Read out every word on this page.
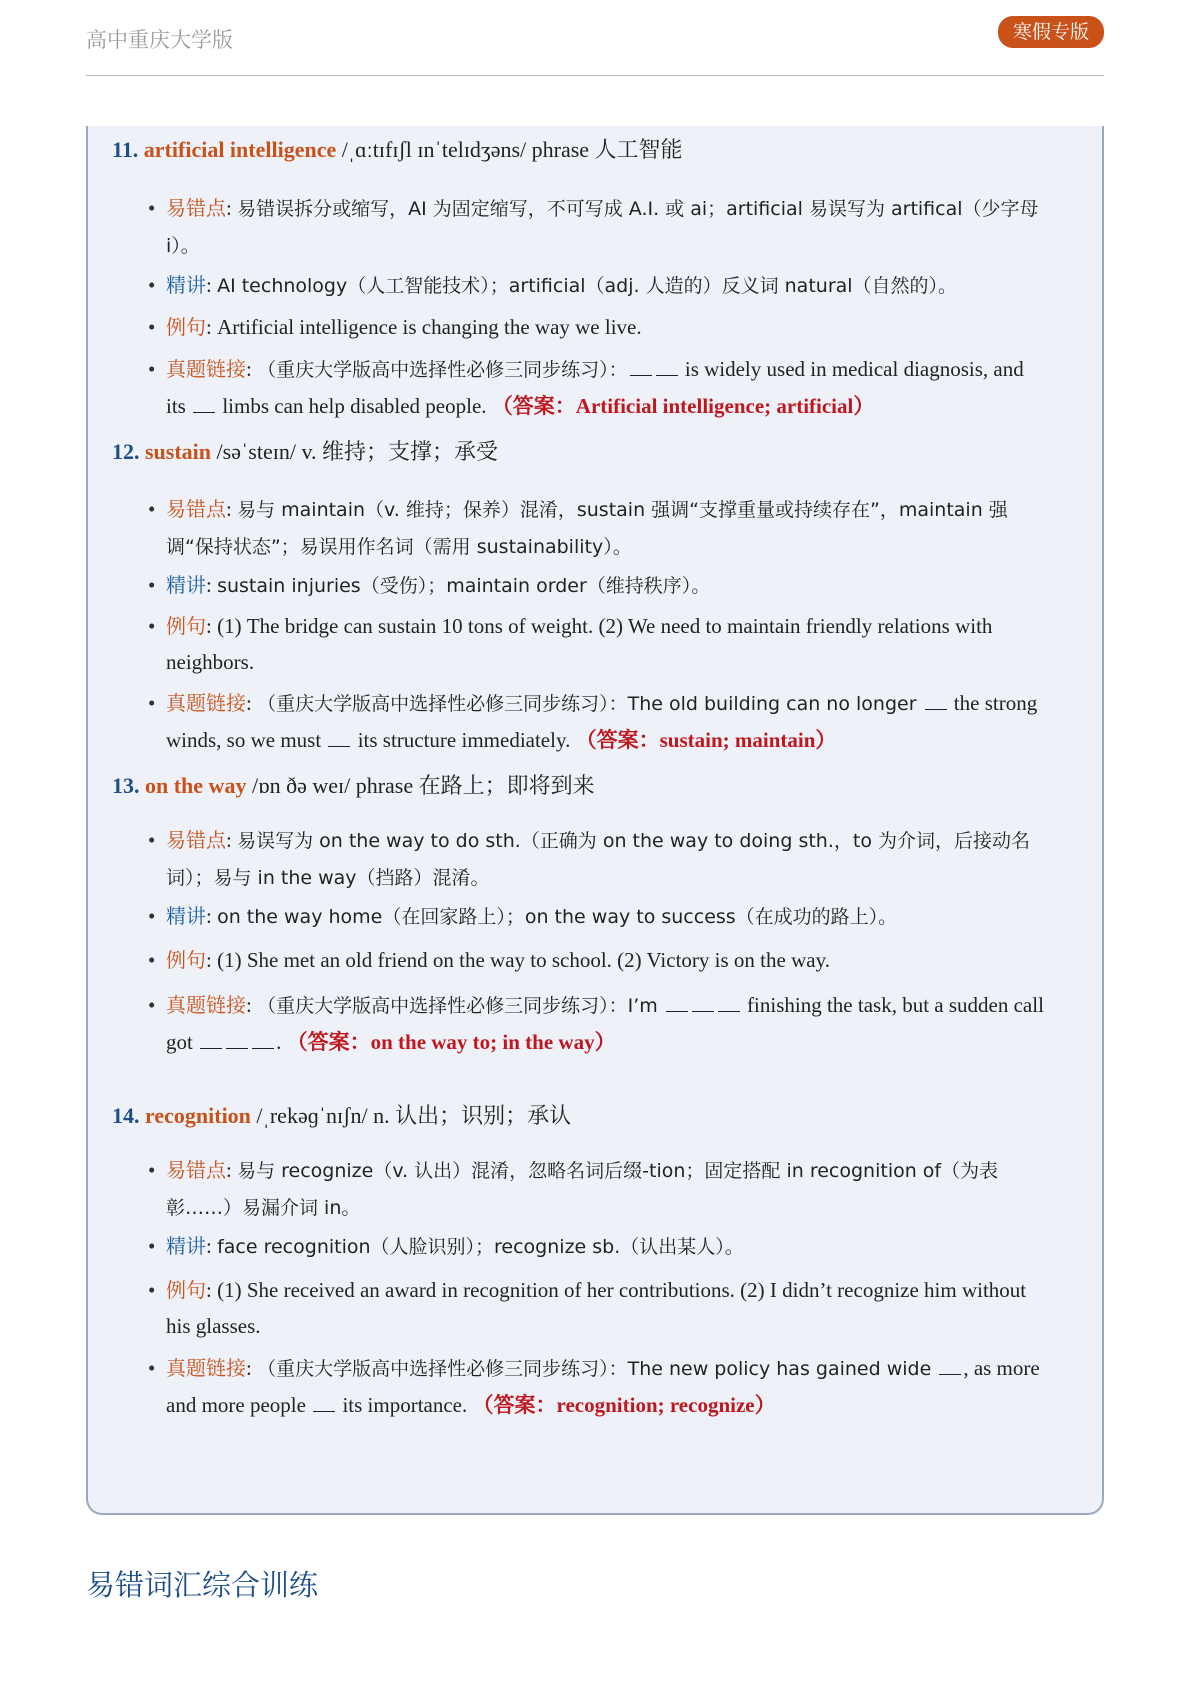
高中重庆大学版	寒假专版
11. artificial intelligence /ˌɑːtɪfɪʃl ɪnˈtelɪdʒəns/ phrase 人工智能
• 易错点: 易错误拆分或缩写，AI 为固定缩写，不可写成 A.I. 或 ai；artificial 易误写为 artifical（少字母 i）。
• 精讲: AI technology（人工智能技术）；artificial（adj. 人造的）反义词 natural（自然的）。
• 例句: Artificial intelligence is changing the way we live.
• 真题链接: （重庆大学版高中选择性必修三同步练习）： is widely used in medical diagnosis, and its  limbs can help disabled people. （答案：Artificial intelligence; artificial）
12. sustain /səˈsteɪn/ v. 维持；支撑；承受
• 易错点: 易与 maintain（v. 维持；保养）混淆，sustain 强调“支撑重量或持续存在”，maintain 强调“保持状态”；易误用作名词（需用 sustainability）。
• 精讲: sustain injuries（受伤）；maintain order（维持秩序）。
• 例句: (1) The bridge can sustain 10 tons of weight. (2) We need to maintain friendly relations with neighbors.
• 真题链接: （重庆大学版高中选择性必修三同步练习）：The old building can no longer  the strong winds, so we must  its structure immediately. （答案：sustain; maintain）
13. on the way /ɒn ðə weɪ/ phrase 在路上；即将到来
• 易错点: 易误写为 on the way to do sth.（正确为 on the way to doing sth.，to 为介词，后接动名词）；易与 in the way（挡路）混淆。
• 精讲: on the way home（在回家路上）；on the way to success（在成功的路上）。
• 例句: (1) She met an old friend on the way to school. (2) Victory is on the way.
• 真题链接: （重庆大学版高中选择性必修三同步练习）：I’m	finishing the task, but a sudden call got	. （答案：on the way to; in the way）
14. recognition /ˌrekəɡˈnɪʃn/ n. 认出；识别；承认
• 易错点: 易与 recognize（v. 认出）混淆，忽略名词后缀-tion；固定搭配 in recognition of（为表彰……）易漏介词 in。
• 精讲: face recognition（人脸识别）；recognize sb.（认出某人）。
• 例句: (1) She received an award in recognition of her contributions. (2) I didn’t recognize him without his glasses.
• 真题链接: （重庆大学版高中选择性必修三同步练习）：The new policy has gained wide , as more and more people  its importance. （答案：recognition; recognize）
易错词汇综合训练
